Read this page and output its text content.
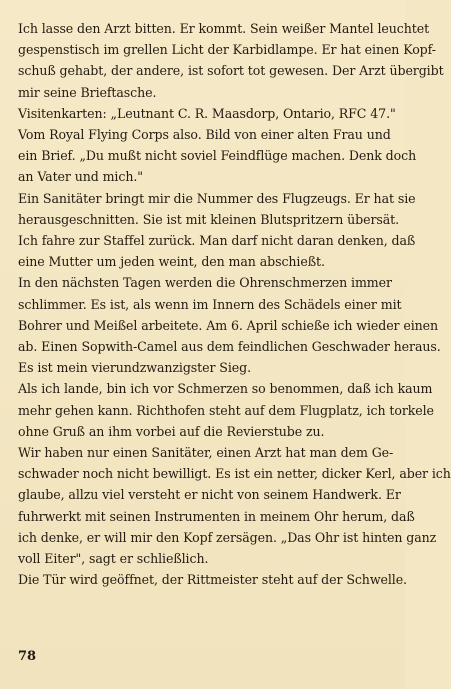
Ich lasse den Arzt bitten. Er kommt. Sein weißer Mantel leuchtet
gespenstisch im grellen Licht der Karbidlampe. Er hat einen Kopf-
schuß gehabt, der andere, ist sofort tot gewesen. Der Arzt übergibt
mir seine Brieftasche.
Visitenkarten: „Leutnant C. R. Maasdorp, Ontario, RFC 47."
Vom Royal Flying Corps also. Bild von einer alten Frau und
ein Brief. „Du mußt nicht soviel Feindflüge machen. Denk doch
an Vater und mich."
Ein Sanitäter bringt mir die Nummer des Flugzeugs. Er hat sie
herausgeschnitten. Sie ist mit kleinen Blutspritzern übersät.
Ich fahre zur Staffel zurück. Man darf nicht daran denken, daß
eine Mutter um jeden weint, den man abschießt.
In den nächsten Tagen werden die Ohrenschmerzen immer
schlimmer. Es ist, als wenn im Innern des Schädels einer mit
Bohrer und Meißel arbeitete. Am 6. April schieße ich wieder einen
ab. Einen Sopwith-Camel aus dem feindlichen Geschwader heraus.
Es ist mein vierundzwanzigster Sieg.
Als ich lande, bin ich vor Schmerzen so benommen, daß ich kaum
mehr gehen kann. Richthofen steht auf dem Flugplatz, ich torkele
ohne Gruß an ihm vorbei auf die Revierstube zu.
Wir haben nur einen Sanitäter, einen Arzt hat man dem Ge-
schwader noch nicht bewilligt. Es ist ein netter, dicker Kerl, aber ich
glaube, allzu viel versteht er nicht von seinem Handwerk. Er
fuhrwerkt mit seinen Instrumenten in meinem Ohr herum, daß
ich denke, er will mir den Kopf zersägen. „Das Ohr ist hinten ganz
voll Eiter", sagt er schließlich.
Die Tür wird geöffnet, der Rittmeister steht auf der Schwelle.
78
